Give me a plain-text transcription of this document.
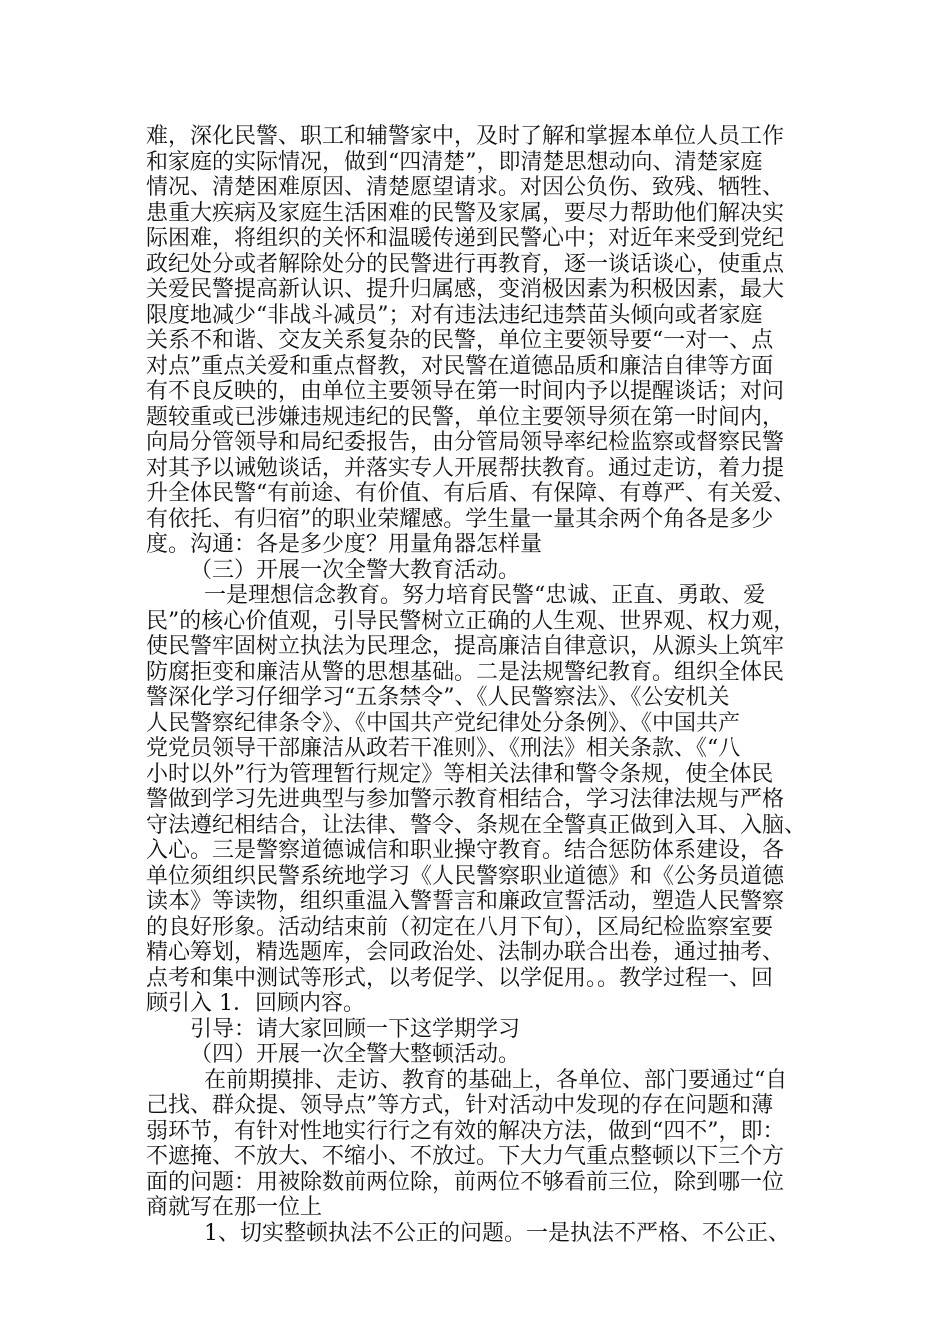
难，深化民警、职工和辅警家中，及时了解和掌握本单位人员工作
和家庭的实际情况，做到“四清楚”，即清楚思想动向、清楚家庭
情况、清楚困难原因、清楚愿望请求。对因公负伤、致残、牺牲、
患重大疾病及家庭生活困难的民警及家属，要尽力帮助他们解决实
际困难，将组织的关怀和温暖传递到民警心中；对近年来受到党纪
政纪处分或者解除处分的民警进行再教育，逐一谈话谈心，使重点
关爱民警提高新认识、提升归属感，变消极因素为积极因素，最大
限度地减少“非战斗减员”；对有违法违纪违禁苗头倾向或者家庭
关系不和谐、交友关系复杂的民警，单位主要领导要“一对一、点
对点”重点关爱和重点督教，对民警在道德品质和廉洁自律等方面
有不良反映的，由单位主要领导在第一时间内予以提醒谈话；对问
题较重或已涉嫌违规违纪的民警，单位主要领导须在第一时间内，
向局分管领导和局纪委报告，由分管局领导率纪检监察或督察民警
对其予以诫勉谈话，并落实专人开展帮扶教育。通过走访，着力提
升全体民警“有前途、有价值、有后盾、有保障、有尊严、有关爱、
有依托、有归宿”的职业荣耀感。学生量一量其余两个角各是多少
度。沟通：各是多少度？用量角器怎样量
（三）开展一次全警大教育活动。
一是理想信念教育。努力培育民警“忠诚、正直、勇敢、爱
民”的核心价值观，引导民警树立正确的人生观、世界观、权力观，
使民警牢固树立执法为民理念，提高廉洁自律意识，从源头上筑牢
防腐拒变和廉洁从警的思想基础。二是法规警纪教育。组织全体民
警深化学习仔细学习“五条禁令”、《人民警察法》、《公安机关
人民警察纪律条令》、《中国共产党纪律处分条例》、《中国共产
党党员领导干部廉洁从政若干准则》、《刑法》相关条款、《“八
小时以外”行为管理暂行规定》等相关法律和警令条规，使全体民
警做到学习先进典型与参加警示教育相结合，学习法律法规与严格
守法遵纪相结合，让法律、警令、条规在全警真正做到入耳、入脑、
入心。三是警察道德诚信和职业操守教育。结合惩防体系建设，各
单位须组织民警系统地学习《人民警察职业道德》和《公务员道德
读本》等读物，组织重温入警誓言和廉政宣誓活动，塑造人民警察
的良好形象。活动结束前（初定在八月下旬），区局纪检监察室要
精心筹划，精选题库，会同政治处、法制办联合出卷，通过抽考、
点考和集中测试等形式，以考促学、以学促用。。教学过程一、回
顾引入 1．回顾内容。
引导：请大家回顾一下这学期学习
（四）开展一次全警大整顿活动。
在前期摸排、走访、教育的基础上，各单位、部门要通过“自
己找、群众提、领导点”等方式，针对活动中发现的存在问题和薄
弱环节，有针对性地实行行之有效的解决方法，做到“四不”，即：
不遮掩、不放大、不缩小、不放过。下大力气重点整顿以下三个方
面的问题：用被除数前两位除，前两位不够看前三位，除到哪一位
商就写在那一位上
1、切实整顿执法不公正的问题。一是执法不严格、不公正、
